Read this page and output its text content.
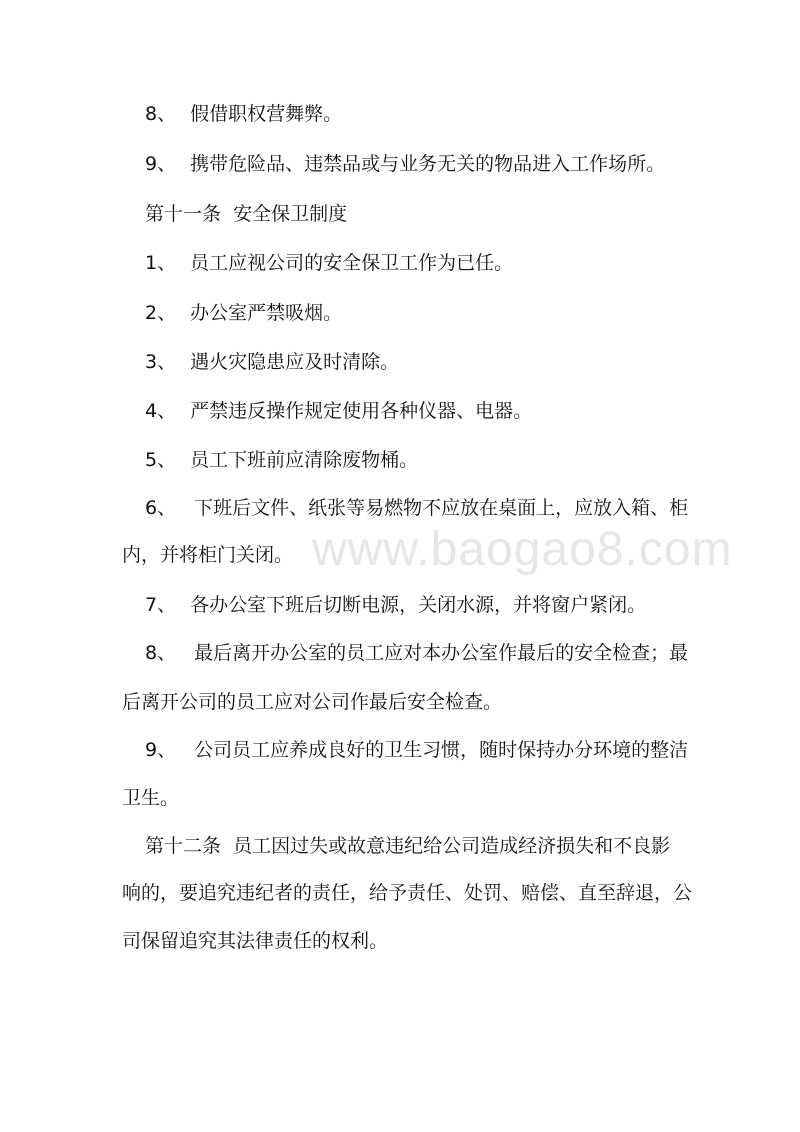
www.baogao8.com
8、 假借职权营舞弊。
9、 携带危险品、违禁品或与业务无关的物品进入工作场所。
第十一条  安全保卫制度
1、 员工应视公司的安全保卫工作为已任。
2、 办公室严禁吸烟。
3、 遇火灾隐患应及时清除。
4、 严禁违反操作规定使用各种仪器、电器。
5、 员工下班前应清除废物桶。
6、 下班后文件、纸张等易燃物不应放在桌面上，应放入箱、柜
内，并将柜门关闭。
7、 各办公室下班后切断电源，关闭水源，并将窗户紧闭。
8、 最后离开办公室的员工应对本办公室作最后的安全检查；最
后离开公司的员工应对公司作最后安全检查。
9、 公司员工应养成良好的卫生习惯，随时保持办分环境的整洁
卫生。
第十二条  员工因过失或故意违纪给公司造成经济损失和不良影
响的，要追究违纪者的责任，给予责任、处罚、赔偿、直至辞退，公
司保留追究其法律责任的权利。
